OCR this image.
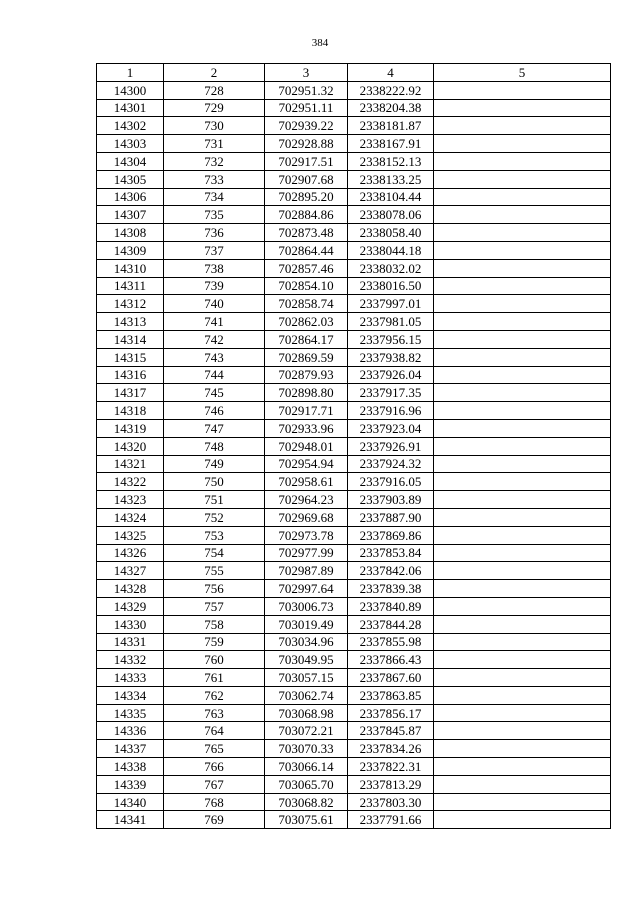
384
1	2	3	4	5
14300	728	702951.32	2338222.92	
14301	729	702951.11	2338204.38	
14302	730	702939.22	2338181.87	
14303	731	702928.88	2338167.91	
14304	732	702917.51	2338152.13	
14305	733	702907.68	2338133.25	
14306	734	702895.20	2338104.44	
14307	735	702884.86	2338078.06	
14308	736	702873.48	2338058.40	
14309	737	702864.44	2338044.18	
14310	738	702857.46	2338032.02	
14311	739	702854.10	2338016.50	
14312	740	702858.74	2337997.01	
14313	741	702862.03	2337981.05	
14314	742	702864.17	2337956.15	
14315	743	702869.59	2337938.82	
14316	744	702879.93	2337926.04	
14317	745	702898.80	2337917.35	
14318	746	702917.71	2337916.96	
14319	747	702933.96	2337923.04	
14320	748	702948.01	2337926.91	
14321	749	702954.94	2337924.32	
14322	750	702958.61	2337916.05	
14323	751	702964.23	2337903.89	
14324	752	702969.68	2337887.90	
14325	753	702973.78	2337869.86	
14326	754	702977.99	2337853.84	
14327	755	702987.89	2337842.06	
14328	756	702997.64	2337839.38	
14329	757	703006.73	2337840.89	
14330	758	703019.49	2337844.28	
14331	759	703034.96	2337855.98	
14332	760	703049.95	2337866.43	
14333	761	703057.15	2337867.60	
14334	762	703062.74	2337863.85	
14335	763	703068.98	2337856.17	
14336	764	703072.21	2337845.87	
14337	765	703070.33	2337834.26	
14338	766	703066.14	2337822.31	
14339	767	703065.70	2337813.29	
14340	768	703068.82	2337803.30	
14341	769	703075.61	2337791.66	
